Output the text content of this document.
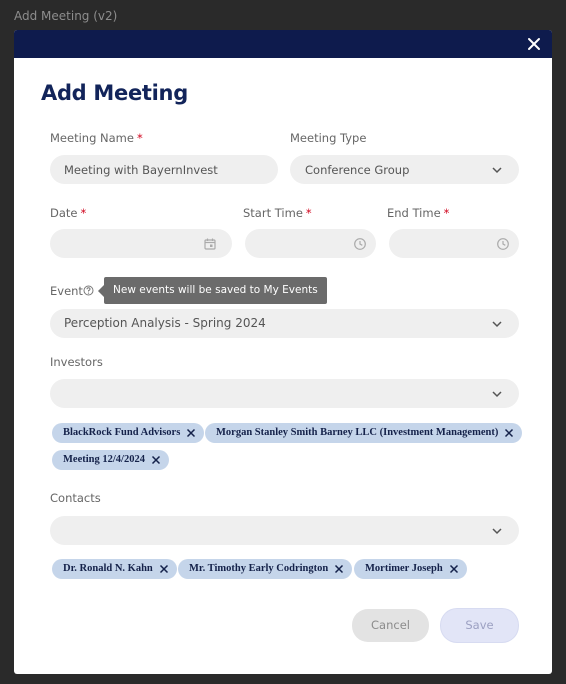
Add Meeting (v2)
Add Meeting
Meeting Name *
Meeting with BayernInvest
Meeting Type
Conference Group
Date *	Start Time *	End Time *
Event	New events will be saved to My Events
Perception Analysis - Spring 2024
Investors
BlackRock Fund Advisors	Morgan Stanley Smith Barney LLC (Investment Management)
Meeting 12/4/2024
Contacts
Dr. Ronald N. Kahn	Mr. Timothy Early Codrington	Mortimer Joseph
Cancel	Save
